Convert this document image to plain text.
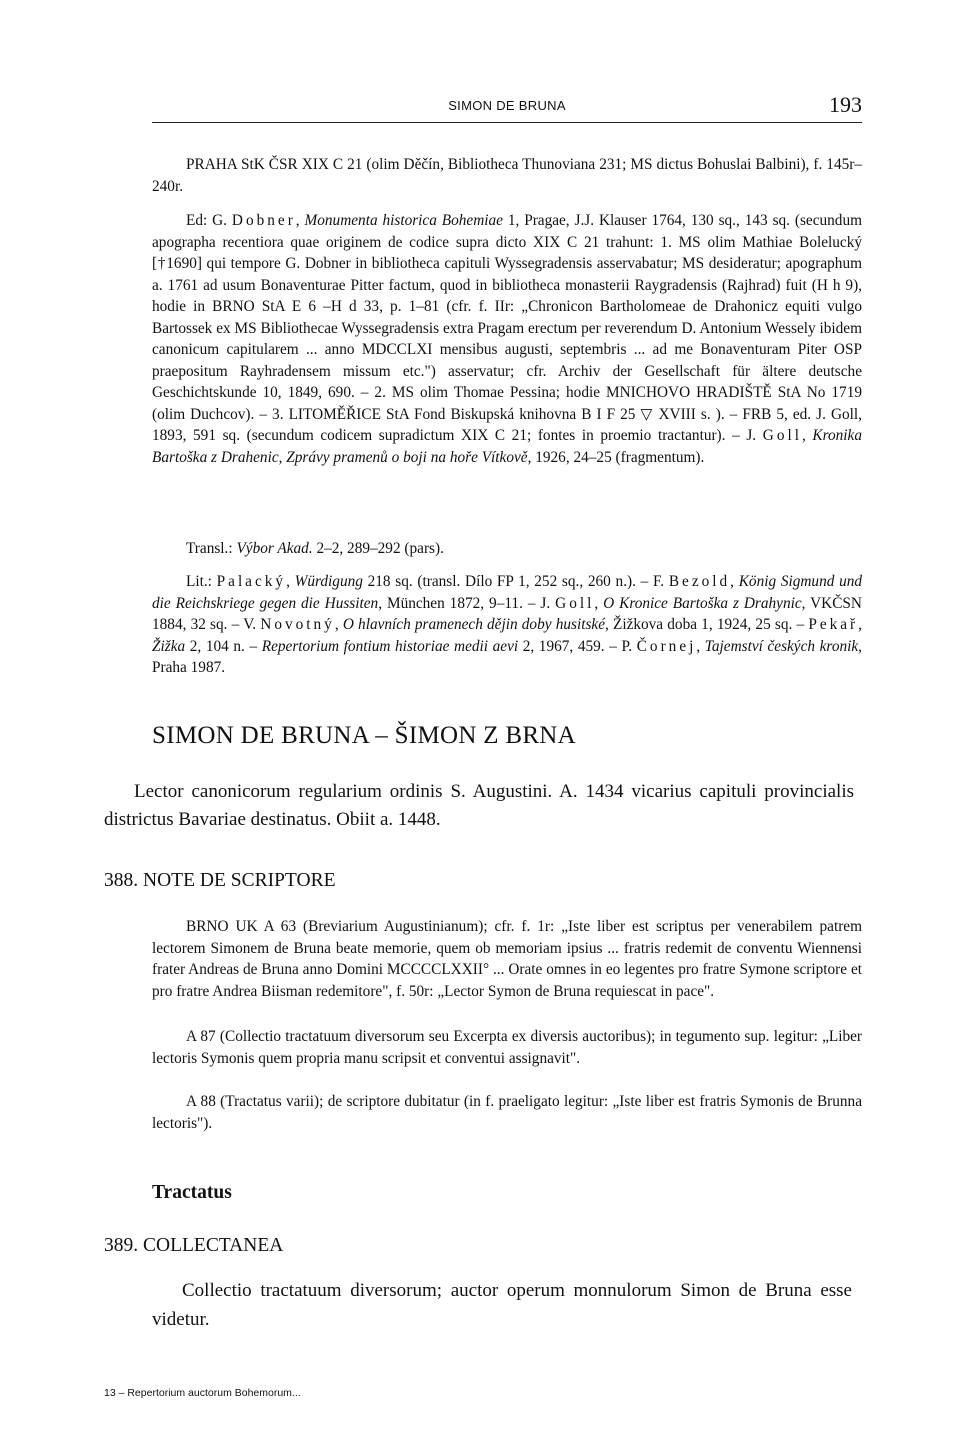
SIMON DE BRUNA	193

PRAHA StK ČSR XIX C 21 (olim Děčín, Bibliotheca Thunoviana 231; MS dictus Bohuslai Balbini), f. 145r–240r.

Ed: G. Dobner, Monumenta historica Bohemiae 1, Pragae, J.J. Klauser 1764, 130 sq., 143 sq. (secundum apographa recentiora quae originem de codice supra dicto XIX C 21 trahunt: 1. MS olim Mathiae Bolelucký [†1690] qui tempore G. Dobner in bibliotheca capituli Wyssegradensis asservabatur; MS desideratur; apographum a. 1761 ad usum Bonaventurae Pitter factum, quod in bibliotheca monasterii Raygradensis (Rajhrad) fuit (H h 9), hodie in BRNO StA E 6 –H d 33, p. 1–81 (cfr. f. IIr: „Chronicon Bartholomeae de Drahonicz equiti vulgo Bartossek ex MS Bibliothecae Wyssegradensis extra Pragam erectum per reverendum D. Antonium Wessely ibidem canonicum capitularem ... anno MDCCLXI mensibus augusti, septembris ... ad me Bonaventuram Piter OSP praepositum Rayhradensem missum etc.") asservatur; cfr. Archiv der Gesellschaft für ältere deutsche Geschichtskunde 10, 1849, 690. – 2. MS olim Thomae Pessina; hodie MNICHOVO HRADIŠTĚ StA No 1719 (olim Duchcov). – 3. LITOMĚŘICE StA Fond Biskupská knihovna B I F 25 ▽ XVIII s. ). – FRB 5, ed. J. Goll, 1893, 591 sq. (secundum codicem supradictum XIX C 21; fontes in proemio tractantur). – J. Goll, Kronika Bartoška z Drahenic, Zprávy pramenů o boji na hoře Vítkově, 1926, 24–25 (fragmentum).

Transl.: Výbor Akad. 2–2, 289–292 (pars).

Lit.: Palacký, Würdigung 218 sq. (transl. Dílo FP 1, 252 sq., 260 n.). – F. Bezold, König Sigmund und die Reichskriege gegen die Hussiten, München 1872, 9–11. – J. Goll, O Kronice Bartoška z Drahynic, VKČSN 1884, 32 sq. – V. Novotný, O hlavních pramenech dějin doby husitské, Žižkova doba 1, 1924, 25 sq. – Pekař, Žižka 2, 104 n. – Repertorium fontium historiae medii aevi 2, 1967, 459. – P. Čornej, Tajemství českých kronik, Praha 1987.

SIMON DE BRUNA – ŠIMON Z BRNA

Lector canonicorum regularium ordinis S. Augustini. A. 1434 vicarius capituli provincialis districtus Bavariae destinatus. Obiit a. 1448.

388. NOTE DE SCRIPTORE

BRNO UK A 63 (Breviarium Augustinianum); cfr. f. 1r: „Iste liber est scriptus per venerabilem patrem lectorem Simonem de Bruna beate memorie, quem ob memoriam ipsius ... fratris redemit de conventu Wiennensi frater Andreas de Bruna anno Domini MCCCCLXXII° ... Orate omnes in eo legentes pro fratre Symone scriptore et pro fratre Andrea Biisman redemitore", f. 50r: „Lector Symon de Bruna requiescat in pace".

A 87 (Collectio tractatuum diversorum seu Excerpta ex diversis auctoribus); in tegumento sup. legitur: „Liber lectoris Symonis quem propria manu scripsit et conventui assignavit".

A 88 (Tractatus varii); de scriptore dubitatur (in f. praeligato legitur: „Iste liber est fratris Symonis de Brunna lectoris").

Tractatus
389. COLLECTANEA

Collectio tractatuum diversorum; auctor operum monnulorum Simon de Bruna esse videtur.

13 – Repertorium auctorum Bohemorum...
